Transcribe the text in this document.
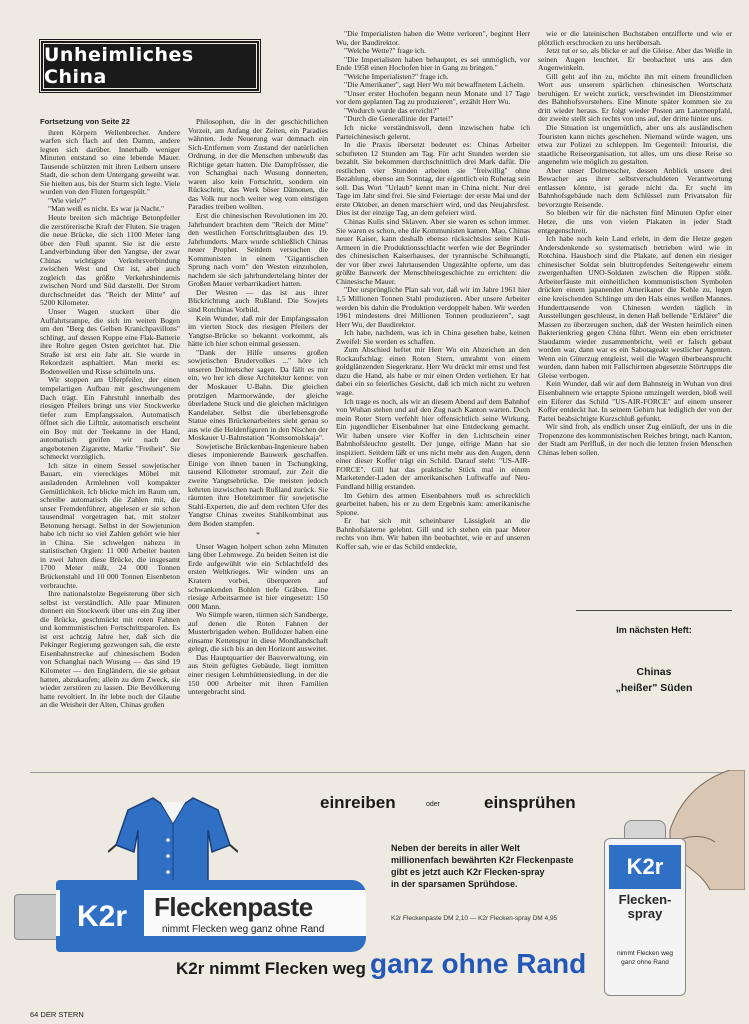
Unheimliches China

Fortsetzung von Seite 22

ihren Körpern Wellenbrecher. Andere warfen sich flach auf den Damm, andere legten sich darüber. Innerhalb weniger Minuten entstand so eine lebende Mauer. Tausende schützten mit ihren Leibern unsere Stadt, die schon dem Untergang geweiht war. Sie hielten aus, bis der Sturm sich legte. Viele wurden von den Fluten fortgespült."

"Wie viele?"

"Man weiß es nicht. Es war ja Nacht."

Heute breiten sich mächtige Betonpfeiler die zerstörerische Kraft der Fluten. Sie tragen die neue Brücke, die sich 1100 Meter lang über den Fluß spannt. Sie ist die erste Landverbindung über den Yangtse, der zwar Chinas wichtigste Verkehrsverbindung zwischen West und Ost ist, aber auch zugleich das größte Verkehrshindernis zwischen Nord und Süd darstellt. Der Strom durchschneidet das "Reich der Mitte" auf 5200 Kilometer.

Unser Wagen stuckert über die Auffahrtsrampe, die sich im weiten Bogen um den "Berg des Gelben Kranichpavillons" schlingt, auf dessen Kuppe eine Flak-Batterie ihre Rohre gegen Osten gerichtet hat. Die Straße ist erst ein Jahr alt. Sie wurde in Rekordzeit asphaltiert. Man merkt es: Bodenwellen und Risse schütteln uns.

Wir stoppen am Uferpfeiler, der einen tempelartigen Aufbau mit geschwungenem Dach trägt. Ein Fahrstuhl innerhalb des riesigen Pfeilers bringt uns vier Stockwerke tiefer zum Empfangssalon. Automatisch öffnet sich die Lifttür, automatisch erscheint ein Boy mit der Teekanne in der Hand, automatisch greifen wir nach der angebotenen Zigarette, Marke "Freiheit". Sie schmeckt vorzüglich.

Ich sitze in einem Sessel sowjetischer Bauart, ein viereckiges Möbel mit ausladenden Armlehnen voll kompakter Gemütlichkeit. Ich blicke mich im Raum um, schreibe automatisch die Zahlen mit, die unser Fremdenführer, abgelesen er sie schon tausendmal vorgetragen hat, mit stolzer Betonung hersagt. Selbst in der Sowjetunion habe ich nicht so viel Zahlen gehört wie hier in China. Sie schwelgen nahezu in statistischen Orgien: 11 000 Arbeiter bauten in zwei Jahren diese Brücke, die insgesamt 1700 Meter mißt, 24 000 Tonnen Brückenstahl und 10 000 Tonnen Eisenbeton verbrauchte.

Ihre nationalstolze Begeisterung über sich selbst ist verständlich. Alle paar Minuten donnert ein Stockwerk über uns ein Zug über die Brücke, geschmückt mit roten Fahnen und kommunistischen Fortschrittsparolen. Es ist erst achtzig Jahre her, daß sich die Pekinger Regierung gezwungen sah, die erste Eisenbahnstrecke auf chinesischem Boden von Schanghai nach Wusung — das sind 19 Kilometer — den Engländern, die sie gebaut hatten, abzukaufen; allein zu dem Zweck, sie wieder zerstören zu lassen. Die Bevölkerung hatte revoltiert. In ihr lebte noch der Glaube an die Weisheit der Alten, Chinas großen

Philosophen, die in der geschichtlichen Vorzeit, am Anfang der Zeiten, ein Paradies wähnten. Jede Neuerung war demnach ein Sich-Entfernen vom Zustand der natürlichen Ordnung, in der die Menschen unbewußt das Richtige getan hatten. Die Dampfrösser, die von Schanghai nach Wusung donnerten, waren also kein Fortschritt, sondern ein Rückschritt, das Werk böser Dämonen, die das Volk nur noch weiter weg vom einstigen Paradies treiben wollten.

Erst die chinesischen Revolutionen im 20. Jahrhundert brachten dem "Reich der Mitte" den westlichen Fortschrittsglauben des 19. Jahrhunderts. Marx wurde schließlich Chinas neuer Prophet. Seitdem versuchen die Kommunisten in einem "Gigantischen Sprung nach vorn" den Westen einzuholen, nachdem sie sich jahrhundertelang hinter der Großen Mauer verbarrikadiert hatten.

Der Westen — das ist aus ihrer Blickrichtung auch Rußland. Die Sowjets sind Rotchinas Vorbild.

Kein Wunder, daß mir der Empfangssalon im vierten Stock des riesigen Pfeilers der Yangtse-Brücke so bekannt vorkommt, als hätte ich hier schon einmal gesessen.

"Dank der Hilfe unseres großen sowjetischen Brudervolkes ..." höre ich unseren Dolmetscher sagen. Da fällt es mir ein, wo her ich diese Architektur kenne: von der Moskauer U-Bahn. Die gleichen protzigen Marmorwände, der gleiche überladene Stuck und die gleichen mächtigen Kandelaber. Selbst die überlebensgroße Statue eines Brückenarbeiters sieht genau so aus wie die Heldenfiguren in den Nischen der Moskauer U-Bahnstation "Komsomolskaja".

Sowjetische Brückenbau-Ingenieure haben dieses imponierende Bauwerk geschaffen. Einige von ihnen bauen in Tschungking, tausend Kilometer stromauf, zur Zeit die zweite Yangtsebrücke. Die meisten jedoch kehrten inzwischen nach Rußland zurück. Sie räumten ihre Hotelzimmer für sowjetische Stahl-Experten, die auf dem rechten Ufer des Yangtse Chinas zweites Stahlkombinat aus dem Boden stampfen.

*

Unser Wagen holpert schon zehn Minuten lang über Lehmwege. Zu beiden Seiten ist die Erde aufgewühlt wie ein Schlachtfeld des ersten Weltkrieges. Wir winden uns an Kratern vorbei, überqueren auf schwankenden Bohlen tiefe Gräben. Eine riesige Arbeitsarmee ist hier eingesetzt: 150 000 Mann.

Wo Sümpfe waren, türmen sich Sandberge, auf denen die Roten Fahnen der Musterbrigaden wehen. Bulldozer haben eine einsame Kettenspur in diese Mondlandschaft gelegt, die sich bis an den Horizont ausweitet.

Das Hauptquartier der Bauverwaltung, ein aus Stein gefügtes Gebäude, liegt inmitten einer riesigen Lehmhüttensiedlung, in der die 150 000 Arbeiter mit ihren Familien untergebracht sind.

"Die Imperialisten haben die Wette verloren", beginnt Herr Wu, der Baudirektor.

"Welche Wette?" frage ich.

"Die Imperialisten haben behauptet, es sei unmöglich, vor Ende 1958 einen Hochofen hier in Gang zu bringen."

"Welche Imperialisten?" frage ich.

"Die Amerikaner", sagt Herr Wu mit bewaffnetem Lächeln.

"Unser erster Hochofen begann neun Monate und 17 Tage vor dem geplanten Tag zu produzieren", erzählt Herr Wu.

"Wodurch wurde das erreicht?"

"Durch die Generallinie der Partei!"

Ich nicke verständnisvoll, denn inzwischen habe ich Parteichinesisch gelernt.

In die Praxis übersetzt bedeutet es: Chinas Arbeiter schufteten 12 Stunden am Tag. Für acht Stunden werden sie bezahlt. Sie bekommen durchschnittlich drei Mark dafür. Die restlichen vier Stunden arbeiten sie "freiwillig" ohne Bezahlung, ebenso am Sonntag, der eigentlich ein Ruhetag sein soll. Das Wort "Urlaub" kennt man in China nicht. Nur drei Tage im Jahr sind frei. Sie sind Feiertage: der erste Mai und der erste Oktober, an denen marschiert wird, und das Neujahrsfest. Dies ist der einzige Tag, an dem gefeiert wird.

Chinas Kulis sind Sklaven. Aber sie waren es schon immer. Sie waren es schon, ehe die Kommunisten kamen. Mao, Chinas neuer Kaiser, kann deshalb ebenso rücksichtslos seine Kuli-Armeen in die Produktionsschlacht werfen wie der Begründer des chinesischen Kaiserhauses, der tyrannische Schihuangti, der vor über zwei Jahrtausenden Ungezählte opferte, um das größte Bauwerk der Menschheitsgeschichte zu errichten: die Chinesische Mauer.

"Der ursprüngliche Plan sah vor, daß wir im Jahre 1961 hier 1,5 Millionen Tonnen Stahl produzieren. Aber unsere Arbeiter werden bis dahin die Produktion verdoppelt haben. Wir werden 1961 mindestens drei Millionen Tonnen produzieren", sagt Herr Wu, der Baudirektor.

Ich habe, nachdem, was ich in China gesehen habe, keinen Zweifel: Sie werden es schaffen.

Zum Abschied heftet mir Herr Wu ein Abzeichen an den Rockaufschlag: einen Roten Stern, umrahmt von einem goldglänzenden Siegerkranz. Herr Wu drückt mir ernst und fest dazu die Hand, als habe er mir einen Orden verliehen. Er hat dabei ein so feierliches Gesicht, daß ich mich nicht zu wehren wage.

Ich trage es noch, als wir an diesem Abend auf dem Bahnhof von Wuhan stehen und auf den Zug nach Kanton warten. Doch mein Roter Stern verfehlt hier offensichtlich seine Wirkung. Ein jugendlicher Eisenbahner hat eine Entdeckung gemacht. Wir haben unsere vier Koffer in den Lichtschein einer Bahnhofsleuchte gestellt. Der junge, eifrige Mann hat sie inspiziert. Seitdem läßt er uns nicht mehr aus den Augen, denn einer dieser Koffer trägt ein Schild. Darauf steht: "US-AIR-FORCE". Gill hat das praktische Stück mal in einem Marketender-Laden der amerikanischen Luftwaffe auf Neu-Fundland billig erstanden.

Im Gehirn des armen Eisenbahners muß es schrecklich gearbeitet haben, bis er zu dem Ergebnis kam: amerikanische Spione.

Er hat sich mit scheinbarer Lässigkeit an die Bahnhofslaterne gelehnt. Gill und ich stehen ein paar Meter rechts von ihm. Wir haben ihn beobachtet, wie er auf unseren Koffer sah, wie er das Schild entdeckte,

wie er die lateinischen Buchstaben entzifferte und wie er plötzlich erschrocken zu uns herübersah.

Jetzt tut er so, als blicke er auf die Gleise. Aber das Weiße in seinen Augen leuchtet. Er beobachtet uns aus den Augenwinkeln.

Gill geht auf ihn zu, möchte ihn mit einem freundlichen Wort aus unserem spärlichen chinesischen Wortschatz beruhigen. Er weicht zurück, verschwindet im Dienstzimmer des Bahnhofsvorstehers. Eine Minute später kommen sie zu dritt wieder heraus. Er folgt wieder Posten am Laternenpfahl, der zweite stellt sich rechts von uns auf, der dritte hinter uns.

Die Situation ist ungemütlich, aber uns als ausländischen Touristen kann nichts geschehen. Niemand würde wagen, uns etwa zur Polizei zu schleppen. Im Gegenteil: Intourist, die staatliche Reiseorganisation, tut alles, um uns diese Reise so angenehm wie möglich zu gestalten.

Aber unser Dolmetscher, dessen Anblick unsere drei Bewacher aus ihrer selbstverschuldeten Verantwortung entlassen könnte, ist gerade nicht da. Er sucht im Bahnhofsgebäude nach dem Schlüssel zum Privatsalon für bevorzugte Reisende.

So bleiben wir für die nächsten fünf Minuten Opfer einer Hetze, die uns von vielen Plakaten in jeder Stadt entgegenschreit.

Ich habe noch kein Land erlebt, in dem die Hetze gegen Andersdenkende so systematisch betrieben wird wie in Rotchina. Haushoch sind die Plakate, auf denen ein riesiger chinesischer Soldat sein bluttropfendes Seitengewehr einem zwergenhaften UNO-Soldaten zwischen die Rippen stößt. Arbeiterfäuste mit einheitlichen kommunistischen Symbolen drücken einem japanenden Amerikaner die Kehle zu, legen eine kreischenden Schlinge um den Hals eines weißen Mannes. Hunderttausende von Chinesen werden täglich in Ausstellungen geschleust, in denen Haß bellende "Erklärer" die Massen zu überzeugen suchen, daß der Westen heimlich einen Bakterienkrieg gegen China führt. Wenn ein eben errichteter Staudamm wieder zusammenbricht, weil er falsch gebaut worden war, dann war es ein Sabotageakt westlicher Agenten. Wenn ein Güterzug entgleist, weil die Wagen überbeansprucht wurden, dann haben mit Fallschirmen abgesetzte Störtrupps die Gleise verbogen.

Kein Wunder, daß wir auf dem Bahnsteig in Wuhan von drei Eisenbahnern wie ertappte Spione umzingelt werden, bloß weil ein Eiferer das Schild "US-AIR-FORCE" auf einem unserer Koffer entdeckt hat. In seinem Gehirn hat lediglich der von der Partei beabsichtigte Kurzschluß gefunkt.

Wir sind froh, als endlich unser Zug einläuft, der uns in die Tropenzone des kommunistischen Reiches bringt, nach Kanton, der Stadt am Perlfluß, in der noch die letzten freien Menschen Chinas leben sollen.

Im nächsten Heft:
Chinas
„heißer" Süden
K2r	Fleckenpaste
nimmt Flecken weg ganz ohne Rand
einreiben	oder	einsprühen
Neben der bereits in aller Welt
millionenfach bewährten K2r Fleckenpaste
gibt es jetzt auch K2r Flecken-spray
in der sparsamen Sprühdose.
K2r Fleckenpaste DM 2,10 — K2r Flecken-spray DM 4,95
K2r
Flecken-
spray
nimmt Flecken weg
ganz ohne Rand
K2r nimmt Flecken weg ganz ohne Rand
64 DER STERN
